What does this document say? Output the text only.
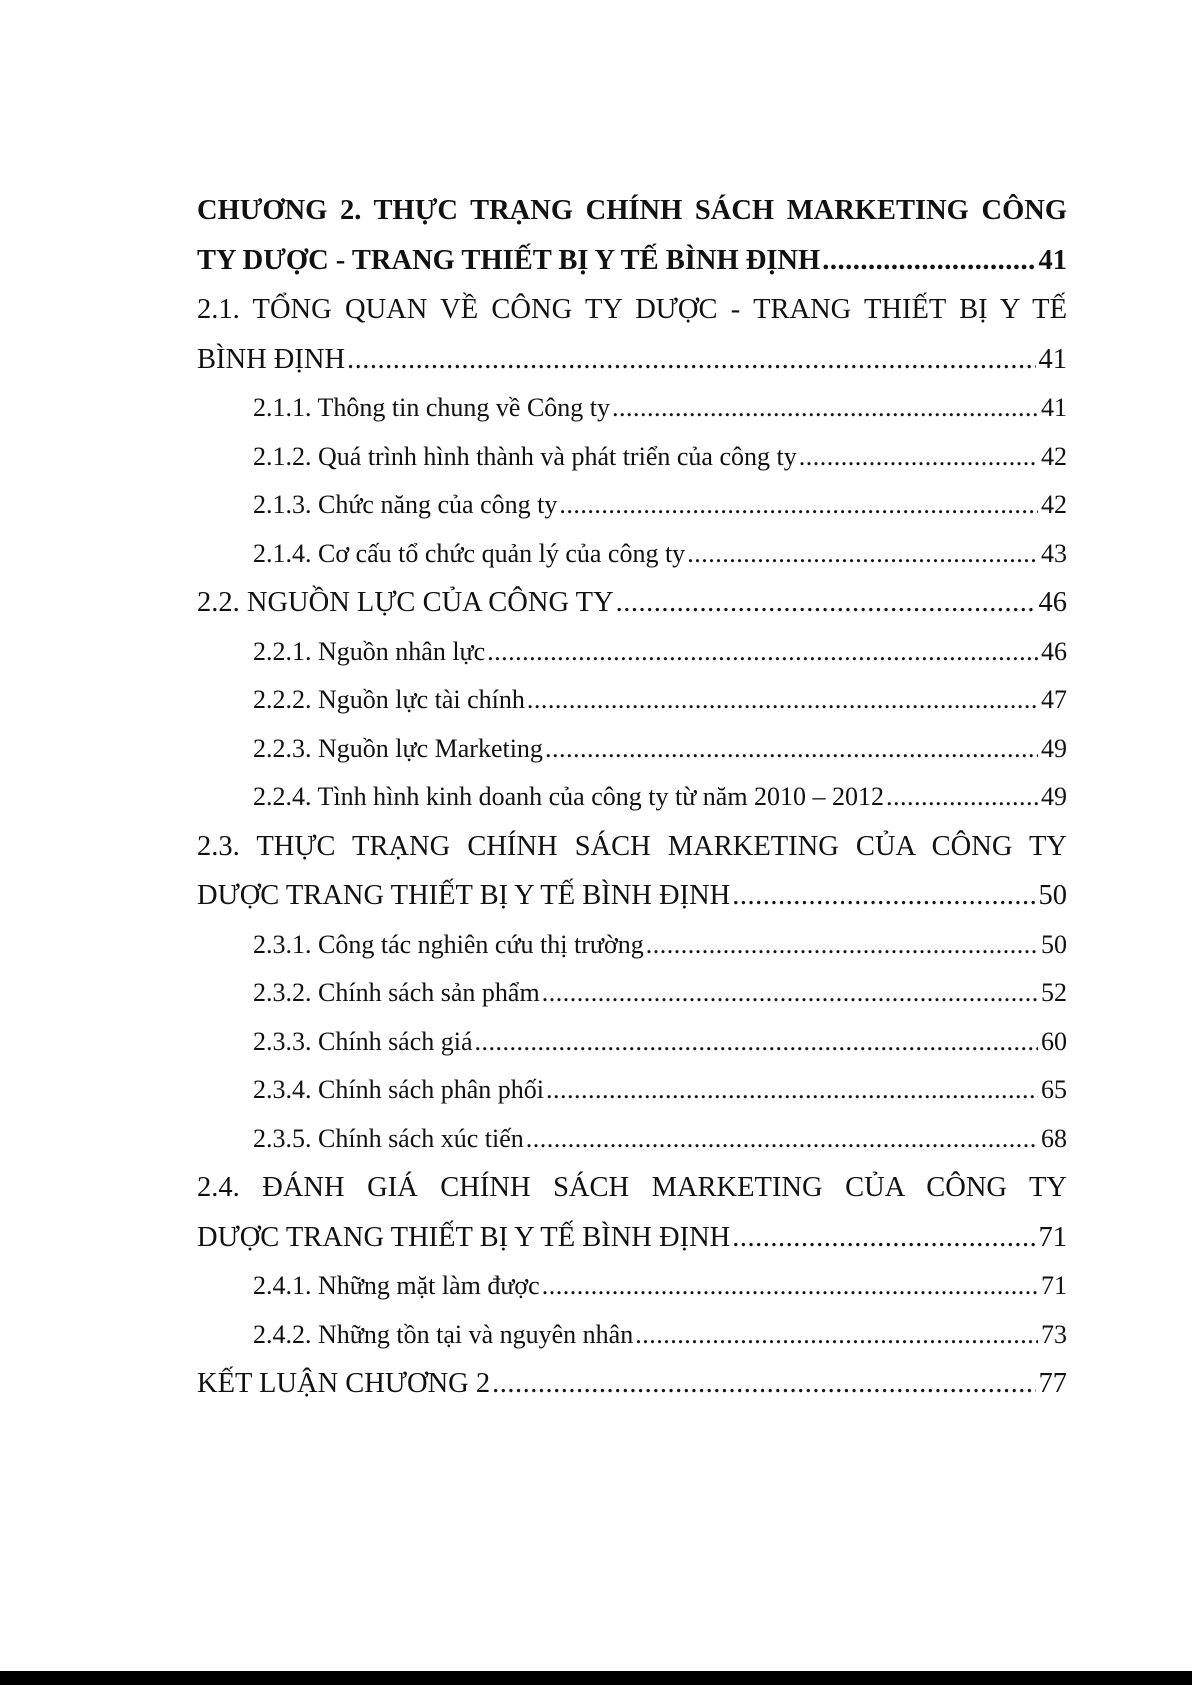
CHƯƠNG 2. THỰC TRẠNG CHÍNH SÁCH MARKETING CÔNG
TY DƯỢC - TRANG THIẾT BỊ Y TẾ BÌNH ĐỊNH .....	41
2.1. TỔNG QUAN VỀ CÔNG TY DƯỢC - TRANG THIẾT BỊ Y TẾ
BÌNH ĐỊNH .....	41
2.1.1. Thông tin chung về Công ty .....	41
2.1.2. Quá trình hình thành và phát triển của công ty .....	42
2.1.3. Chức năng của công ty .....	42
2.1.4. Cơ cấu tổ chức quản lý của công ty .....	43
2.2. NGUỒN LỰC CỦA CÔNG TY .....	46
2.2.1. Nguồn nhân lực .....	46
2.2.2. Nguồn lực tài chính .....	47
2.2.3. Nguồn lực Marketing .....	49
2.2.4. Tình hình kinh doanh của công ty từ năm 2010 – 2012 .....	49
2.3. THỰC TRẠNG CHÍNH SÁCH MARKETING CỦA CÔNG TY
DƯỢC TRANG THIẾT BỊ Y TẾ BÌNH ĐỊNH .....	50
2.3.1. Công tác nghiên cứu thị trường .....	50
2.3.2. Chính sách sản phẩm .....	52
2.3.3. Chính sách giá .....	60
2.3.4. Chính sách phân phối .....	65
2.3.5. Chính sách xúc tiến .....	68
2.4. ĐÁNH GIÁ CHÍNH SÁCH MARKETING CỦA CÔNG TY
DƯỢC TRANG THIẾT BỊ Y TẾ BÌNH ĐỊNH .....	71
2.4.1. Những mặt làm được .....	71
2.4.2. Những tồn tại và nguyên nhân .....	73
KẾT LUẬN CHƯƠNG 2 .....	77
